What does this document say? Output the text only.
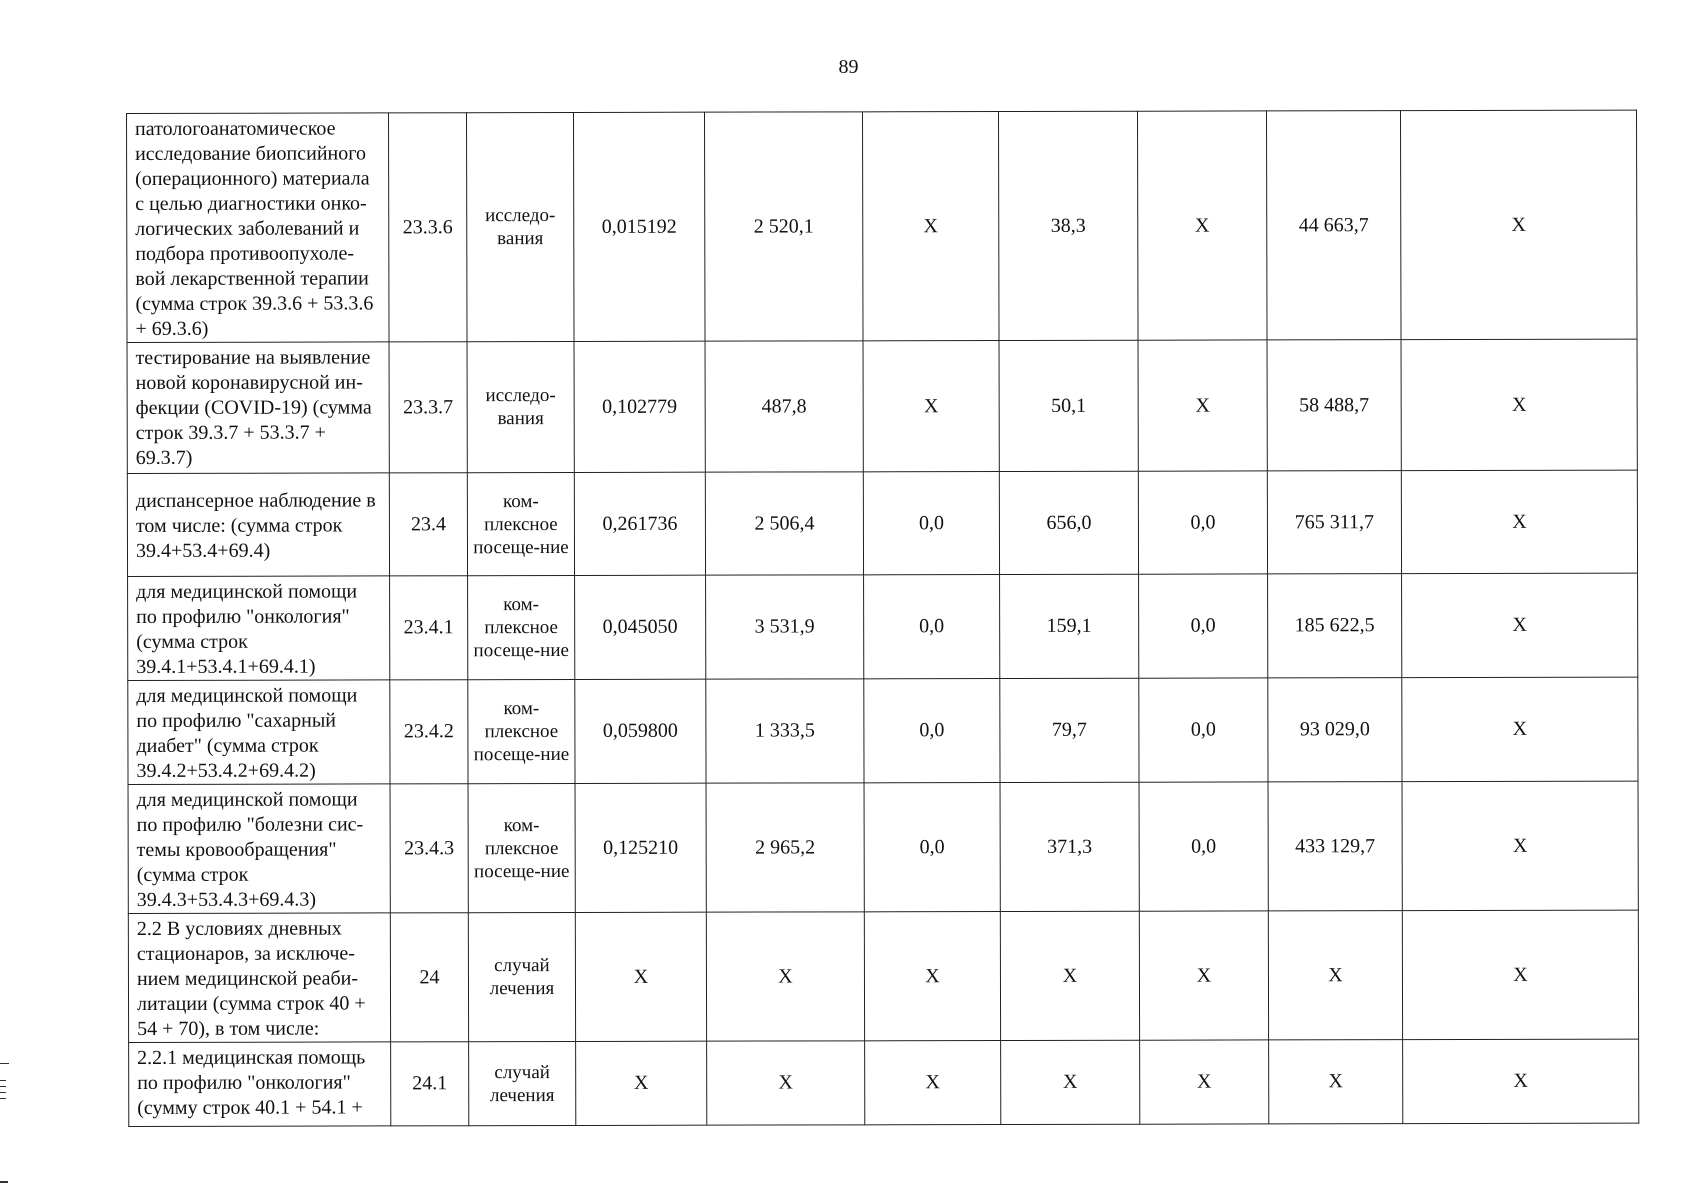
89
патологоанатомическое исследование биопсийного (операционного) материала с целью диагностики онко-логических заболеваний и подбора противоопухоле-вой лекарственной терапии (сумма строк 39.3.6 + 53.3.6 + 69.3.6)	23.3.6	исследо-вания	0,015192	2 520,1	X	38,3	X	44 663,7	X
тестирование на выявление новой коронавирусной ин-фекции (COVID-19) (сумма строк 39.3.7 + 53.3.7 + 69.3.7)	23.3.7	исследо-вания	0,102779	487,8	X	50,1	X	58 488,7	X
диспансерное наблюдение в том числе: (сумма строк 39.4+53.4+69.4)	23.4	ком-плексное посеще-ние	0,261736	2 506,4	0,0	656,0	0,0	765 311,7	X
для медицинской помощи по профилю "онкология" (сумма строк 39.4.1+53.4.1+69.4.1)	23.4.1	ком-плексное посеще-ние	0,045050	3 531,9	0,0	159,1	0,0	185 622,5	X
для медицинской помощи по профилю "сахарный диабет" (сумма строк 39.4.2+53.4.2+69.4.2)	23.4.2	ком-плексное посеще-ние	0,059800	1 333,5	0,0	79,7	0,0	93 029,0	X
для медицинской помощи по профилю "болезни сис-темы кровообращения" (сумма строк 39.4.3+53.4.3+69.4.3)	23.4.3	ком-плексное посеще-ние	0,125210	2 965,2	0,0	371,3	0,0	433 129,7	X
2.2 В условиях дневных стационаров, за исключе-нием медицинской реаби-литации (сумма строк 40 + 54 + 70), в том числе:	24	случай лечения	X	X	X	X	X	X	X
2.2.1 медицинская помощь по профилю "онкология" (сумму строк 40.1 + 54.1 +	24.1	случай лечения	X	X	X	X	X	X	X
